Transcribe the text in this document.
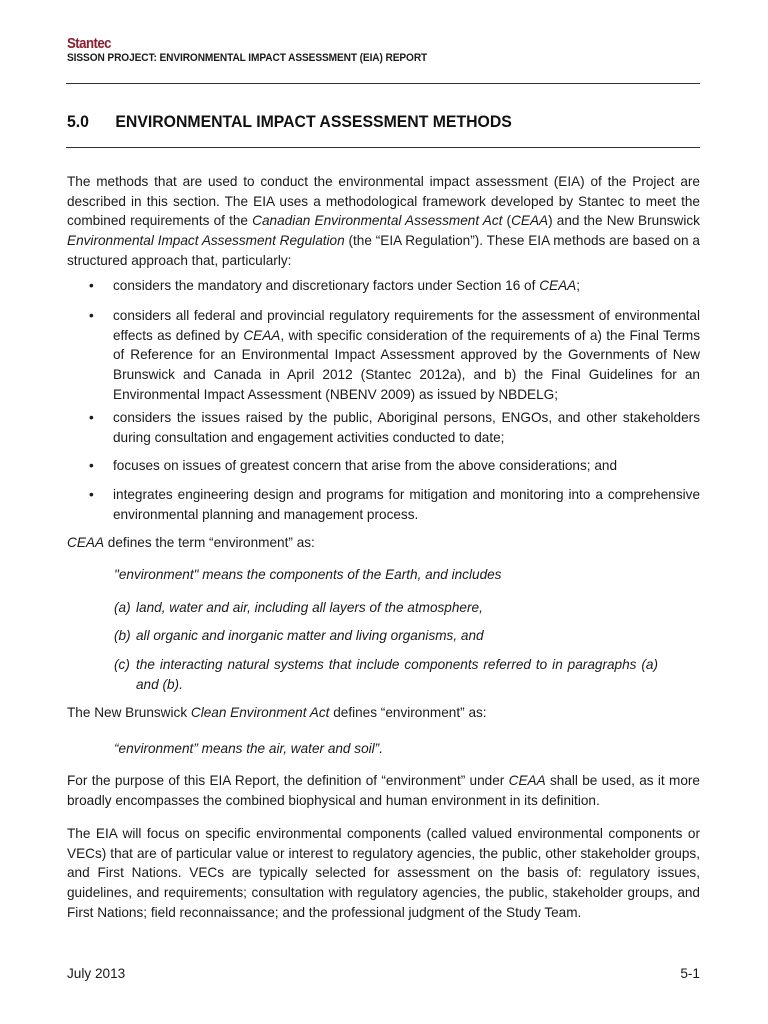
Stantec
SISSON PROJECT: ENVIRONMENTAL IMPACT ASSESSMENT (EIA) REPORT
5.0 ENVIRONMENTAL IMPACT ASSESSMENT METHODS
The methods that are used to conduct the environmental impact assessment (EIA) of the Project are described in this section. The EIA uses a methodological framework developed by Stantec to meet the combined requirements of the Canadian Environmental Assessment Act (CEAA) and the New Brunswick Environmental Impact Assessment Regulation (the “EIA Regulation”). These EIA methods are based on a structured approach that, particularly:
• considers the mandatory and discretionary factors under Section 16 of CEAA;
• considers all federal and provincial regulatory requirements for the assessment of environmental effects as defined by CEAA, with specific consideration of the requirements of a) the Final Terms of Reference for an Environmental Impact Assessment approved by the Governments of New Brunswick and Canada in April 2012 (Stantec 2012a), and b) the Final Guidelines for an Environmental Impact Assessment (NBENV 2009) as issued by NBDELG;
• considers the issues raised by the public, Aboriginal persons, ENGOs, and other stakeholders during consultation and engagement activities conducted to date;
• focuses on issues of greatest concern that arise from the above considerations; and
• integrates engineering design and programs for mitigation and monitoring into a comprehensive environmental planning and management process.
CEAA defines the term “environment” as:
"environment" means the components of the Earth, and includes
(a) land, water and air, including all layers of the atmosphere,
(b) all organic and inorganic matter and living organisms, and
(c) the interacting natural systems that include components referred to in paragraphs (a) and (b).
The New Brunswick Clean Environment Act defines “environment” as:
“environment” means the air, water and soil”.
For the purpose of this EIA Report, the definition of “environment” under CEAA shall be used, as it more broadly encompasses the combined biophysical and human environment in its definition.
The EIA will focus on specific environmental components (called valued environmental components or VECs) that are of particular value or interest to regulatory agencies, the public, other stakeholder groups, and First Nations. VECs are typically selected for assessment on the basis of: regulatory issues, guidelines, and requirements; consultation with regulatory agencies, the public, stakeholder groups, and First Nations; field reconnaissance; and the professional judgment of the Study Team.
July 2013	5-1
